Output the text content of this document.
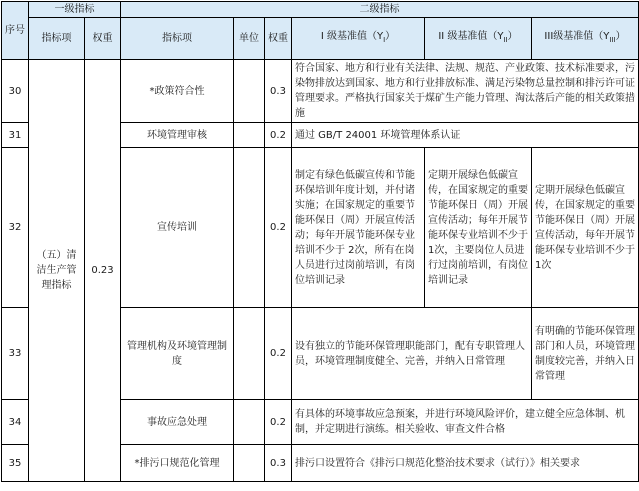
序号	一级指标		二级指标					
	指标项	权重	指标项	单位	权重	I 级基准值$(Y_I)$	II 级基准值$(Y_{II})$	III级基准值$(Y_{III})$
30	（五）清洁生产管理指标	0.23	*政策符合性		0.3	符合国家、地方和行业有关法律、法规、规范、产业政策、技术标准要求，污染物排放达到国家、地方和行业排放标准、满足污染物总量控制和排污许可证管理要求。严格执行国家关于煤矿生产能力管理、淘汰落后产能的相关政策措施		
31			环境管理审核		0.2	通过 GB/T 24001 环境管理体系认证		
32			宣传培训		0.2	制定有绿色低碳宣传和节能环保培训年度计划，并付诸实施；在国家规定的重要节能环保日（周）开展宣传活动；每年开展节能环保专业培训不少于 2次，所有在岗人员进行过岗前培训，有岗位培训记录	定期开展绿色低碳宣传，在国家规定的重要节能环保日（周）开展宣传活动；每年开展节能环保专业培训不少于 1次，主要岗位人员进行过岗前培训，有岗位培训记录	定期开展绿色低碳宣传，在国家规定的重要节能环保日（周）开展宣传活动，每年开展节能环保专业培训不少于 1次
33			管理机构及环境管理制度		0.2	设有独立的节能环保管理职能部门，配有专职管理人员，环境管理制度健全、完善，并纳入日常管理		有明确的节能环保管理部门和人员，环境管理制度较完善，并纳入日常管理
34			事故应急处理		0.2	有具体的环境事故应急预案，并进行环境风险评价，建立健全应急体制、机制，并定期进行演练。相关验收、审查文件合格		
35			*排污口规范化管理		0.3	排污口设置符合《排污口规范化整治技术要求（试行）》相关要求		
